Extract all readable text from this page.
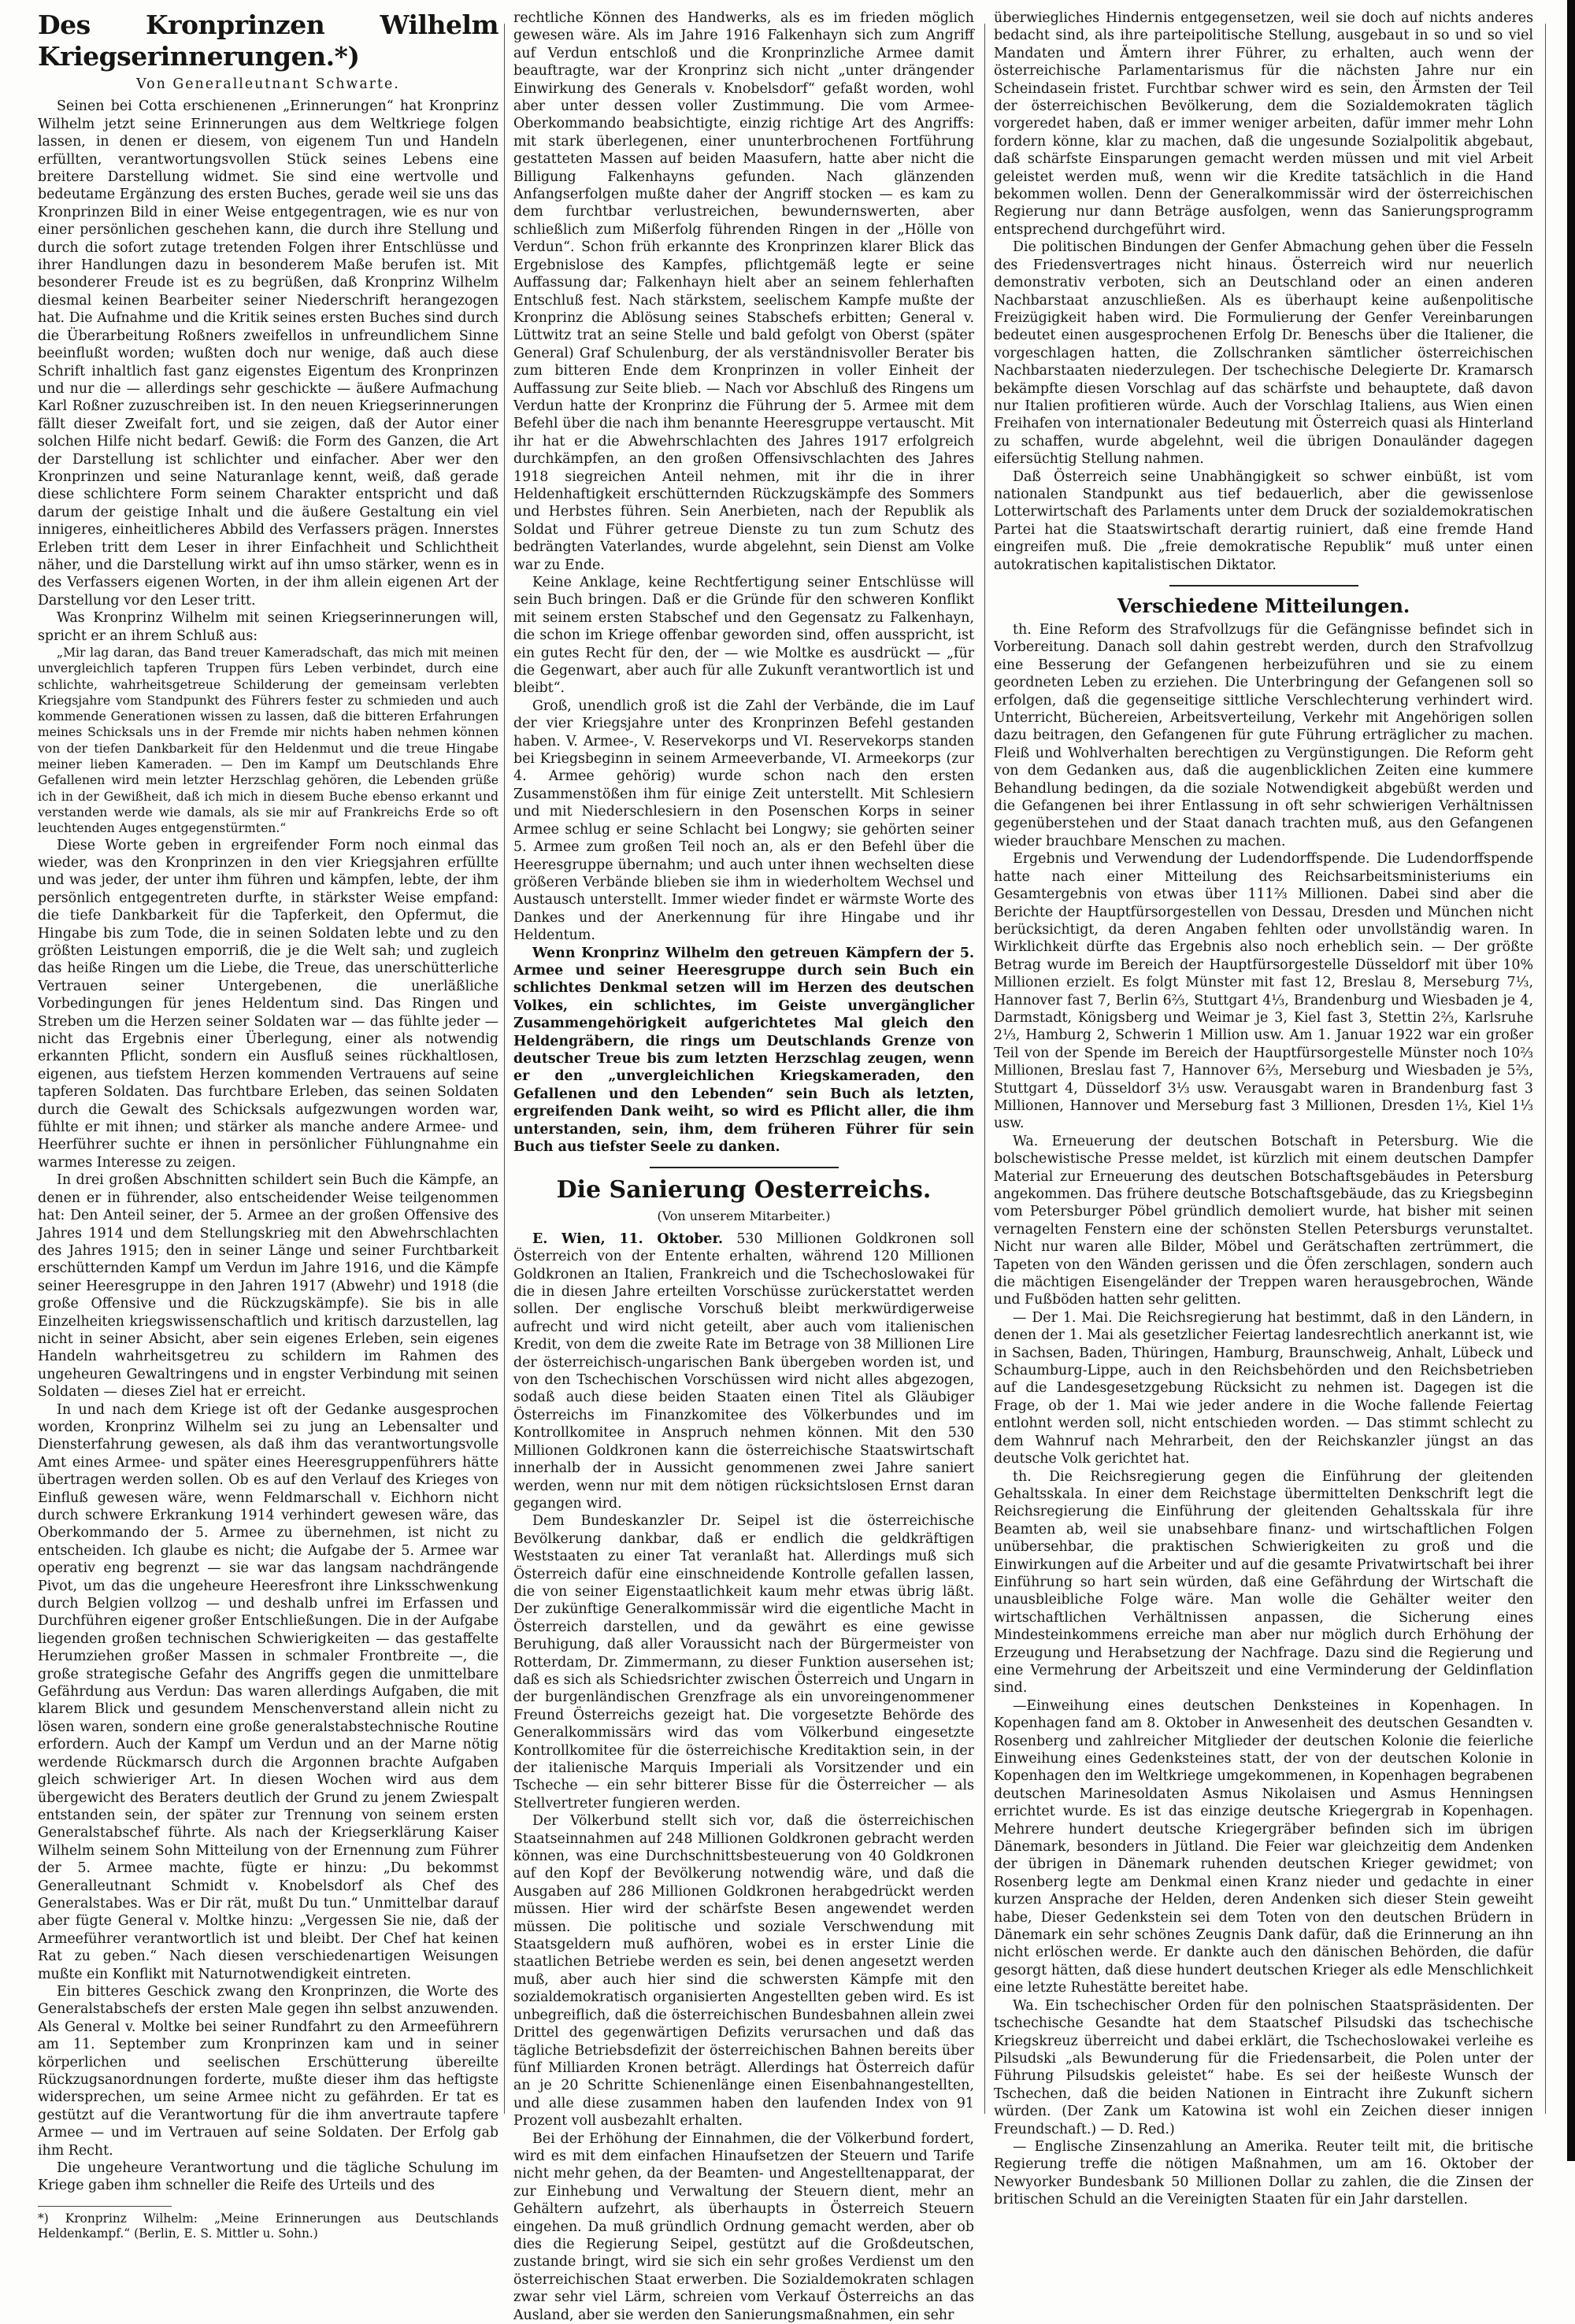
Des Kronprinzen Wilhelm Kriegserinnerungen.*)
Von Generalleutnant Schwarte.

Seinen bei Cotta erschienenen „Erinnerungen“ hat Kronprinz Wilhelm jetzt seine Erinnerungen aus dem Weltkriege folgen lassen, in denen er diesem, von eigenem Tun und Handeln erfüllten, verantwortungsvollen Stück seines Lebens eine breitere Darstellung widmet. Sie sind eine wertvolle und bedeutame Ergänzung des ersten Buches, gerade weil sie uns das Kronprinzen Bild in einer Weise entgegentragen, wie es nur von einer persönlichen geschehen kann, die durch ihre Stellung und durch die sofort zutage tretenden Folgen ihrer Entschlüsse und ihrer Handlungen dazu in besonderem Maße berufen ist. Mit besonderer Freude ist es zu begrüßen, daß Kronprinz Wilhelm diesmal keinen Bearbeiter seiner Niederschrift herangezogen hat. Die Aufnahme und die Kritik seines ersten Buches sind durch die Überarbeitung Roßners zweifellos in unfreundlichem Sinne beeinflußt worden; wußten doch nur wenige, daß auch diese Schrift inhaltlich fast ganz eigenstes Eigentum des Kronprinzen und nur die — allerdings sehr geschickte — äußere Aufmachung Karl Roßner zuzuschreiben ist. In den neuen Kriegserinnerungen fällt dieser Zweifalt fort, und sie zeigen, daß der Autor einer solchen Hilfe nicht bedarf. Gewiß: die Form des Ganzen, die Art der Darstellung ist schlichter und einfacher. Aber wer den Kronprinzen und seine Naturanlage kennt, weiß, daß gerade diese schlichtere Form seinem Charakter entspricht und daß darum der geistige Inhalt und die äußere Gestaltung ein viel innigeres, einheitlicheres Abbild des Verfassers prägen. Innerstes Erleben tritt dem Leser in ihrer Einfachheit und Schlichtheit näher, und die Darstellung wirkt auf ihn umso stärker, wenn es in des Verfassers eigenen Worten, in der ihm allein eigenen Art der Darstellung vor den Leser tritt.

Was Kronprinz Wilhelm mit seinen Kriegserinnerungen will, spricht er an ihrem Schluß aus:

„Mir lag daran, das Band treuer Kameradschaft, das mich mit meinen unvergleichlich tapferen Truppen fürs Leben verbindet, durch eine schlichte, wahrheitsgetreue Schilderung der gemeinsam verlebten Kriegsjahre vom Standpunkt des Führers fester zu schmieden und auch kommende Generationen wissen zu lassen, daß die bitteren Erfahrungen meines Schicksals uns in der Fremde mir nichts haben nehmen können von der tiefen Dankbarkeit für den Heldenmut und die treue Hingabe meiner lieben Kameraden. — Den im Kampf um Deutschlands Ehre Gefallenen wird mein letzter Herzschlag gehören, die Lebenden grüße ich in der Gewißheit, daß ich mich in diesem Buche ebenso erkannt und verstanden werde wie damals, als sie mir auf Frankreichs Erde so oft leuchtenden Auges entgegenstürmten.“

Diese Worte geben in ergreifender Form noch einmal das wieder, was den Kronprinzen in den vier Kriegsjahren erfüllte und was jeder, der unter ihm führen und kämpfen, lebte, der ihm persönlich entgegentreten durfte, in stärkster Weise empfand: die tiefe Dankbarkeit für die Tapferkeit, den Opfermut, die Hingabe bis zum Tode, die in seinen Soldaten lebte und zu den größten Leistungen emporriß, die je die Welt sah; und zugleich das heiße Ringen um die Liebe, die Treue, das unerschütterliche Vertrauen seiner Untergebenen, die unerläßliche Vorbedingungen für jenes Heldentum sind. Das Ringen und Streben um die Herzen seiner Soldaten war — das fühlte jeder — nicht das Ergebnis einer Überlegung, einer als notwendig erkannten Pflicht, sondern ein Ausfluß seines rückhaltlosen, eigenen, aus tiefstem Herzen kommenden Vertrauens auf seine tapferen Soldaten. Das furchtbare Erleben, das seinen Soldaten durch die Gewalt des Schicksals aufgezwungen worden war, fühlte er mit ihnen; und stärker als manche andere Armee- und Heerführer suchte er ihnen in persönlicher Fühlungnahme ein warmes Interesse zu zeigen.

In drei großen Abschnitten schildert sein Buch die Kämpfe, an denen er in führender, also entscheidender Weise teilgenommen hat: Den Anteil seiner, der 5. Armee an der großen Offensive des Jahres 1914 und dem Stellungskrieg mit den Abwehrschlachten des Jahres 1915; den in seiner Länge und seiner Furchtbarkeit erschütternden Kampf um Verdun im Jahre 1916, und die Kämpfe seiner Heeresgruppe in den Jahren 1917 (Abwehr) und 1918 (die große Offensive und die Rückzugskämpfe). Sie bis in alle Einzelheiten kriegswissenschaftlich und kritisch darzustellen, lag nicht in seiner Absicht, aber sein eigenes Erleben, sein eigenes Handeln wahrheitsgetreu zu schildern im Rahmen des ungeheuren Gewaltringens und in engster Verbindung mit seinen Soldaten — dieses Ziel hat er erreicht.

In und nach dem Kriege ist oft der Gedanke ausgesprochen worden, Kronprinz Wilhelm sei zu jung an Lebensalter und Diensterfahrung gewesen, als daß ihm das verantwortungsvolle Amt eines Armee- und später eines Heeresgruppenführers hätte übertragen werden sollen. Ob es auf den Verlauf des Krieges von Einfluß gewesen wäre, wenn Feldmarschall v. Eichhorn nicht durch schwere Erkrankung 1914 verhindert gewesen wäre, das Oberkommando der 5. Armee zu übernehmen, ist nicht zu entscheiden. Ich glaube es nicht; die Aufgabe der 5. Armee war operativ eng begrenzt — sie war das langsam nachdrängende Pivot, um das die ungeheure Heeresfront ihre Linksschwenkung durch Belgien vollzog — und deshalb unfrei im Erfassen und Durchführen eigener großer Entschließungen. Die in der Aufgabe liegenden großen technischen Schwierigkeiten — das gestaffelte Herumziehen großer Massen in schmaler Frontbreite —, die große strategische Gefahr des Angriffs gegen die unmittelbare Gefährdung aus Verdun: Das waren allerdings Aufgaben, die mit klarem Blick und gesundem Menschenverstand allein nicht zu lösen waren, sondern eine große generalstabstechnische Routine erfordern. Auch der Kampf um Verdun und an der Marne nötig werdende Rückmarsch durch die Argonnen brachte Aufgaben gleich schwieriger Art. In diesen Wochen wird aus dem übergewicht des Beraters deutlich der Grund zu jenem Zwiespalt entstanden sein, der später zur Trennung von seinem ersten Generalstabschef führte. Als nach der Kriegserklärung Kaiser Wilhelm seinem Sohn Mitteilung von der Ernennung zum Führer der 5. Armee machte, fügte er hinzu: „Du bekommst Generalleutnant Schmidt v. Knobelsdorf als Chef des Generalstabes. Was er Dir rät, mußt Du tun.“ Unmittelbar darauf aber fügte General v. Moltke hinzu: „Vergessen Sie nie, daß der Armeeführer verantwortlich ist und bleibt. Der Chef hat keinen Rat zu geben.“ Nach diesen verschiedenartigen Weisungen mußte ein Konflikt mit Naturnotwendigkeit eintreten.

Ein bitteres Geschick zwang den Kronprinzen, die Worte des Generalstabschefs der ersten Male gegen ihn selbst anzuwenden. Als General v. Moltke bei seiner Rundfahrt zu den Armeeführern am 11. September zum Kronprinzen kam und in seiner körperlichen und seelischen Erschütterung übereilte Rückzugsanordnungen forderte, mußte dieser ihm das heftigste widersprechen, um seine Armee nicht zu gefährden. Er tat es gestützt auf die Verantwortung für die ihm anvertraute tapfere Armee — und im Vertrauen auf seine Soldaten. Der Erfolg gab ihm Recht.

Die ungeheure Verantwortung und die tägliche Schulung im Kriege gaben ihm schneller die Reife des Urteils und des

*) Kronprinz Wilhelm: „Meine Erinnerungen aus Deutschlands Heldenkampf.“ (Berlin, E. S. Mittler u. Sohn.)

rechtliche Können des Handwerks, als es im frieden möglich gewesen wäre. Als im Jahre 1916 Falkenhayn sich zum Angriff auf Verdun entschloß und die Kronprinzliche Armee damit beauftragte, war der Kronprinz sich nicht „unter drängender Einwirkung des Generals v. Knobelsdorf“ gefaßt worden, wohl aber unter dessen voller Zustimmung. Die vom Armee-Oberkommando beabsichtigte, einzig richtige Art des Angriffs: mit stark überlegenen, einer ununterbrochenen Fortführung gestatteten Massen auf beiden Maasufern, hatte aber nicht die Billigung Falkenhayns gefunden. Nach glänzenden Anfangserfolgen mußte daher der Angriff stocken — es kam zu dem furchtbar verlustreichen, bewundernswerten, aber schließlich zum Mißerfolg führenden Ringen in der „Hölle von Verdun“. Schon früh erkannte des Kronprinzen klarer Blick das Ergebnislose des Kampfes, pflichtgemäß legte er seine Auffassung dar; Falkenhayn hielt aber an seinem fehlerhaften Entschluß fest. Nach stärkstem, seelischem Kampfe mußte der Kronprinz die Ablösung seines Stabschefs erbitten; General v. Lüttwitz trat an seine Stelle und bald gefolgt von Oberst (später General) Graf Schulenburg, der als verständnisvoller Berater bis zum bitteren Ende dem Kronprinzen in voller Einheit der Auffassung zur Seite blieb. — Nach vor Abschluß des Ringens um Verdun hatte der Kronprinz die Führung der 5. Armee mit dem Befehl über die nach ihm benannte Heeresgruppe vertauscht. Mit ihr hat er die Abwehrschlachten des Jahres 1917 erfolgreich durchkämpfen, an den großen Offensivschlachten des Jahres 1918 siegreichen Anteil nehmen, mit ihr die in ihrer Heldenhaftigkeit erschütternden Rückzugskämpfe des Sommers und Herbstes führen. Sein Anerbieten, nach der Republik als Soldat und Führer getreue Dienste zu tun zum Schutz des bedrängten Vaterlandes, wurde abgelehnt, sein Dienst am Volke war zu Ende.

Keine Anklage, keine Rechtfertigung seiner Entschlüsse will sein Buch bringen. Daß er die Gründe für den schweren Konflikt mit seinem ersten Stabschef und den Gegensatz zu Falkenhayn, die schon im Kriege offenbar geworden sind, offen ausspricht, ist ein gutes Recht für den, der — wie Moltke es ausdrückt — „für die Gegenwart, aber auch für alle Zukunft verantwortlich ist und bleibt“.

Groß, unendlich groß ist die Zahl der Verbände, die im Lauf der vier Kriegsjahre unter des Kronprinzen Befehl gestanden haben. V. Armee-, V. Reservekorps und VI. Reservekorps standen bei Kriegsbeginn in seinem Armeeverbande, VI. Armeekorps (zur 4. Armee gehörig) wurde schon nach den ersten Zusammenstößen ihm für einige Zeit unterstellt. Mit Schlesiern und mit Niederschlesiern in den Posenschen Korps in seiner Armee schlug er seine Schlacht bei Longwy; sie gehörten seiner 5. Armee zum großen Teil noch an, als er den Befehl über die Heeresgruppe übernahm; und auch unter ihnen wechselten diese größeren Verbände blieben sie ihm in wiederholtem Wechsel und Austausch unterstellt. Immer wieder findet er wärmste Worte des Dankes und der Anerkennung für ihre Hingabe und ihr Heldentum.

Wenn Kronprinz Wilhelm den getreuen Kämpfern der 5. Armee und seiner Heeresgruppe durch sein Buch ein schlichtes Denkmal setzen will im Herzen des deutschen Volkes, ein schlichtes, im Geiste unvergänglicher Zusammengehörigkeit aufgerichtetes Mal gleich den Heldengräbern, die rings um Deutschlands Grenze von deutscher Treue bis zum letzten Herzschlag zeugen, wenn er den „unvergleichlichen Kriegskameraden, den Gefallenen und den Lebenden“ sein Buch als letzten, ergreifenden Dank weiht, so wird es Pflicht aller, die ihm unterstanden, sein, ihm, dem früheren Führer für sein Buch aus tiefster Seele zu danken.

Die Sanierung Oesterreichs.
(Von unserem Mitarbeiter.)

E. Wien, 11. Oktober. 530 Millionen Goldkronen soll Österreich von der Entente erhalten, während 120 Millionen Goldkronen an Italien, Frankreich und die Tschechoslowakei für die in diesen Jahre erteilten Vorschüsse zurückerstattet werden sollen. Der englische Vorschuß bleibt merkwürdigerweise aufrecht und wird nicht geteilt, aber auch vom italienischen Kredit, von dem die zweite Rate im Betrage von 38 Millionen Lire der österreichisch-ungarischen Bank übergeben worden ist, und von den Tschechischen Vorschüssen wird nicht alles abgezogen, sodaß auch diese beiden Staaten einen Titel als Gläubiger Österreichs im Finanzkomitee des Völkerbundes und im Kontrollkomitee in Anspruch nehmen können. Mit den 530 Millionen Goldkronen kann die österreichische Staatswirtschaft innerhalb der in Aussicht genommenen zwei Jahre saniert werden, wenn nur mit dem nötigen rücksichtslosen Ernst daran gegangen wird.

Dem Bundeskanzler Dr. Seipel ist die österreichische Bevölkerung dankbar, daß er endlich die geldkräftigen Weststaaten zu einer Tat veranlaßt hat. Allerdings muß sich Österreich dafür eine einschneidende Kontrolle gefallen lassen, die von seiner Eigenstaatlichkeit kaum mehr etwas übrig läßt. Der zukünftige Generalkommissär wird die eigentliche Macht in Österreich darstellen, und da gewährt es eine gewisse Beruhigung, daß aller Voraussicht nach der Bürgermeister von Rotterdam, Dr. Zimmermann, zu dieser Funktion ausersehen ist; daß es sich als Schiedsrichter zwischen Österreich und Ungarn in der burgenländischen Grenzfrage als ein unvoreingenommener Freund Österreichs gezeigt hat. Die vorgesetzte Behörde des Generalkommissärs wird das vom Völkerbund eingesetzte Kontrollkomitee für die österreichische Kreditaktion sein, in der der italienische Marquis Imperiali als Vorsitzender und ein Tscheche — ein sehr bitterer Bisse für die Österreicher — als Stellvertreter fungieren werden.

Der Völkerbund stellt sich vor, daß die österreichischen Staatseinnahmen auf 248 Millionen Goldkronen gebracht werden können, was eine Durchschnittsbesteuerung von 40 Goldkronen auf den Kopf der Bevölkerung notwendig wäre, und daß die Ausgaben auf 286 Millionen Goldkronen herabgedrückt werden müssen. Hier wird der schärfste Besen angewendet werden müssen. Die politische und soziale Verschwendung mit Staatsgeldern muß aufhören, wobei es in erster Linie die staatlichen Betriebe werden es sein, bei denen angesetzt werden muß, aber auch hier sind die schwersten Kämpfe mit den sozialdemokratisch organisierten Angestellten geben wird. Es ist unbegreiflich, daß die österreichischen Bundesbahnen allein zwei Drittel des gegenwärtigen Defizits verursachen und daß das tägliche Betriebsdefizit der österreichischen Bahnen bereits über fünf Milliarden Kronen beträgt. Allerdings hat Österreich dafür an je 20 Schritte Schienenlänge einen Eisenbahnangestellten, und alle diese zusammen haben den laufenden Index von 91 Prozent voll ausbezahlt erhalten.

Bei der Erhöhung der Einnahmen, die der Völkerbund fordert, wird es mit dem einfachen Hinaufsetzen der Steuern und Tarife nicht mehr gehen, da der Beamten- und Angestelltenapparat, der zur Einhebung und Verwaltung der Steuern dient, mehr an Gehältern aufzehrt, als überhaupts in Österreich Steuern eingehen. Da muß gründlich Ordnung gemacht werden, aber ob dies die Regierung Seipel, gestützt auf die Großdeutschen, zustande bringt, wird sie sich ein sehr großes Verdienst um den österreichischen Staat erwerben. Die Sozialdemokraten schlagen zwar sehr viel Lärm, schreien vom Verkauf Österreichs an das Ausland, aber sie werden den Sanierungsmaßnahmen, ein sehr

überwiegliches Hindernis entgegensetzen, weil sie doch auf nichts anderes bedacht sind, als ihre parteipolitische Stellung, ausgebaut in so und so viel Mandaten und Ämtern ihrer Führer, zu erhalten, auch wenn der österreichische Parlamentarismus für die nächsten Jahre nur ein Scheindasein fristet. Furchtbar schwer wird es sein, den Ärmsten der Teil der österreichischen Bevölkerung, dem die Sozialdemokraten täglich vorgeredet haben, daß er immer weniger arbeiten, dafür immer mehr Lohn fordern könne, klar zu machen, daß die ungesunde Sozialpolitik abgebaut, daß schärfste Einsparungen gemacht werden müssen und mit viel Arbeit geleistet werden muß, wenn wir die Kredite tatsächlich in die Hand bekommen wollen. Denn der Generalkommissär wird der österreichischen Regierung nur dann Beträge ausfolgen, wenn das Sanierungsprogramm entsprechend durchgeführt wird.

Die politischen Bindungen der Genfer Abmachung gehen über die Fesseln des Friedensvertrages nicht hinaus. Österreich wird nur neuerlich demonstrativ verboten, sich an Deutschland oder an einen anderen Nachbarstaat anzuschließen. Als es überhaupt keine außenpolitische Freizügigkeit haben wird. Die Formulierung der Genfer Vereinbarungen bedeutet einen ausgesprochenen Erfolg Dr. Beneschs über die Italiener, die vorgeschlagen hatten, die Zollschranken sämtlicher österreichischen Nachbarstaaten niederzulegen. Der tschechische Delegierte Dr. Kramarsch bekämpfte diesen Vorschlag auf das schärfste und behauptete, daß davon nur Italien profitieren würde. Auch der Vorschlag Italiens, aus Wien einen Freihafen von internationaler Bedeutung mit Österreich quasi als Hinterland zu schaffen, wurde abgelehnt, weil die übrigen Donauländer dagegen eifersüchtig Stellung nahmen.

Daß Österreich seine Unabhängigkeit so schwer einbüßt, ist vom nationalen Standpunkt aus tief bedauerlich, aber die gewissenlose Lotterwirtschaft des Parlaments unter dem Druck der sozialdemokratischen Partei hat die Staatswirtschaft derartig ruiniert, daß eine fremde Hand eingreifen muß. Die „freie demokratische Republik“ muß unter einen autokratischen kapitalistischen Diktator.

Verschiedene Mitteilungen.

th. Eine Reform des Strafvollzugs für die Gefängnisse befindet sich in Vorbereitung. Danach soll dahin gestrebt werden, durch den Strafvollzug eine Besserung der Gefangenen herbeizuführen und sie zu einem geordneten Leben zu erziehen. Die Unterbringung der Gefangenen soll so erfolgen, daß die gegenseitige sittliche Verschlechterung verhindert wird. Unterricht, Büchereien, Arbeitsverteilung, Verkehr mit Angehörigen sollen dazu beitragen, den Gefangenen für gute Führung erträglicher zu machen. Fleiß und Wohlverhalten berechtigen zu Vergünstigungen. Die Reform geht von dem Gedanken aus, daß die augenblicklichen Zeiten eine kummere Behandlung bedingen, da die soziale Notwendigkeit abgebüßt werden und die Gefangenen bei ihrer Entlassung in oft sehr schwierigen Verhältnissen gegenüberstehen und der Staat danach trachten muß, aus den Gefangenen wieder brauchbare Menschen zu machen.

Ergebnis und Verwendung der Ludendorffspende. Die Ludendorffspende hatte nach einer Mitteilung des Reichsarbeitsministeriums ein Gesamtergebnis von etwas über 111⅔ Millionen. Dabei sind aber die Berichte der Hauptfürsorgestellen von Dessau, Dresden und München nicht berücksichtigt, da deren Angaben fehlten oder unvollständig waren. In Wirklichkeit dürfte das Ergebnis also noch erheblich sein. — Der größte Betrag wurde im Bereich der Hauptfürsorgestelle Düsseldorf mit über 10% Millionen erzielt. Es folgt Münster mit fast 12, Breslau 8, Merseburg 7⅓, Hannover fast 7, Berlin 6⅔, Stuttgart 4⅓, Brandenburg und Wiesbaden je 4, Darmstadt, Königsberg und Weimar je 3, Kiel fast 3, Stettin 2⅔, Karlsruhe 2⅓, Hamburg 2, Schwerin 1 Million usw. Am 1. Januar 1922 war ein großer Teil von der Spende im Bereich der Hauptfürsorgestelle Münster noch 10⅔ Millionen, Breslau fast 7, Hannover 6⅔, Merseburg und Wiesbaden je 5⅔, Stuttgart 4, Düsseldorf 3⅓ usw. Verausgabt waren in Brandenburg fast 3 Millionen, Hannover und Merseburg fast 3 Millionen, Dresden 1⅓, Kiel 1⅓ usw.

Wa. Erneuerung der deutschen Botschaft in Petersburg. Wie die bolschewistische Presse meldet, ist kürzlich mit einem deutschen Dampfer Material zur Erneuerung des deutschen Botschaftsgebäudes in Petersburg angekommen. Das frühere deutsche Botschaftsgebäude, das zu Kriegsbeginn vom Petersburger Pöbel gründlich demoliert wurde, hat bisher mit seinen vernagelten Fenstern eine der schönsten Stellen Petersburgs verunstaltet. Nicht nur waren alle Bilder, Möbel und Gerätschaften zertrümmert, die Tapeten von den Wänden gerissen und die Öfen zerschlagen, sondern auch die mächtigen Eisengeländer der Treppen waren herausgebrochen, Wände und Fußböden hatten sehr gelitten.

— Der 1. Mai. Die Reichsregierung hat bestimmt, daß in den Ländern, in denen der 1. Mai als gesetzlicher Feiertag landesrechtlich anerkannt ist, wie in Sachsen, Baden, Thüringen, Hamburg, Braunschweig, Anhalt, Lübeck und Schaumburg-Lippe, auch in den Reichsbehörden und den Reichsbetrieben auf die Landesgesetzgebung Rücksicht zu nehmen ist. Dagegen ist die Frage, ob der 1. Mai wie jeder andere in die Woche fallende Feiertag entlohnt werden soll, nicht entschieden worden. — Das stimmt schlecht zu dem Wahnruf nach Mehrarbeit, den der Reichskanzler jüngst an das deutsche Volk gerichtet hat.

th. Die Reichsregierung gegen die Einführung der gleitenden Gehaltsskala. In einer dem Reichstage übermittelten Denkschrift legt die Reichsregierung die Einführung der gleitenden Gehaltsskala für ihre Beamten ab, weil sie unabsehbare finanz- und wirtschaftlichen Folgen unübersehbar, die praktischen Schwierigkeiten zu groß und die Einwirkungen auf die Arbeiter und auf die gesamte Privatwirtschaft bei ihrer Einführung so hart sein würden, daß eine Gefährdung der Wirtschaft die unausbleibliche Folge wäre. Man wolle die Gehälter weiter den wirtschaftlichen Verhältnissen anpassen, die Sicherung eines Mindesteinkommens erreiche man aber nur möglich durch Erhöhung der Erzeugung und Herabsetzung der Nachfrage. Dazu sind die Regierung und eine Vermehrung der Arbeitszeit und eine Verminderung der Geldinflation sind.

—Einweihung eines deutschen Denksteines in Kopenhagen. In Kopenhagen fand am 8. Oktober in Anwesenheit des deutschen Gesandten v. Rosenberg und zahlreicher Mitglieder der deutschen Kolonie die feierliche Einweihung eines Gedenksteines statt, der von der deutschen Kolonie in Kopenhagen den im Weltkriege umgekommenen, in Kopenhagen begrabenen deutschen Marinesoldaten Asmus Nikolaisen und Asmus Henningsen errichtet wurde. Es ist das einzige deutsche Kriegergrab in Kopenhagen. Mehrere hundert deutsche Kriegergräber befinden sich im übrigen Dänemark, besonders in Jütland. Die Feier war gleichzeitig dem Andenken der übrigen in Dänemark ruhenden deutschen Krieger gewidmet; von Rosenberg legte am Denkmal einen Kranz nieder und gedachte in einer kurzen Ansprache der Helden, deren Andenken sich dieser Stein geweiht habe, Dieser Gedenkstein sei dem Toten von den deutschen Brüdern in Dänemark ein sehr schönes Zeugnis Dank dafür, daß die Erinnerung an ihn nicht erlöschen werde. Er dankte auch den dänischen Behörden, die dafür gesorgt hätten, daß diese hundert deutschen Krieger als edle Menschlichkeit eine letzte Ruhestätte bereitet habe.

Wa. Ein tschechischer Orden für den polnischen Staatspräsidenten. Der tschechische Gesandte hat dem Staatschef Pilsudski das tschechische Kriegskreuz überreicht und dabei erklärt, die Tschechoslowakei verleihe es Pilsudski „als Bewunderung für die Friedensarbeit, die Polen unter der Führung Pilsudskis geleistet“ habe. Es sei der heißeste Wunsch der Tschechen, daß die beiden Nationen in Eintracht ihre Zukunft sichern würden. (Der Zank um Katowina ist wohl ein Zeichen dieser innigen Freundschaft.) — D. Red.)

— Englische Zinsenzahlung an Amerika. Reuter teilt mit, die britische Regierung treffe die nötigen Maßnahmen, um am 16. Oktober der Newyorker Bundesbank 50 Millionen Dollar zu zahlen, die die Zinsen der britischen Schuld an die Vereinigten Staaten für ein Jahr darstellen.
